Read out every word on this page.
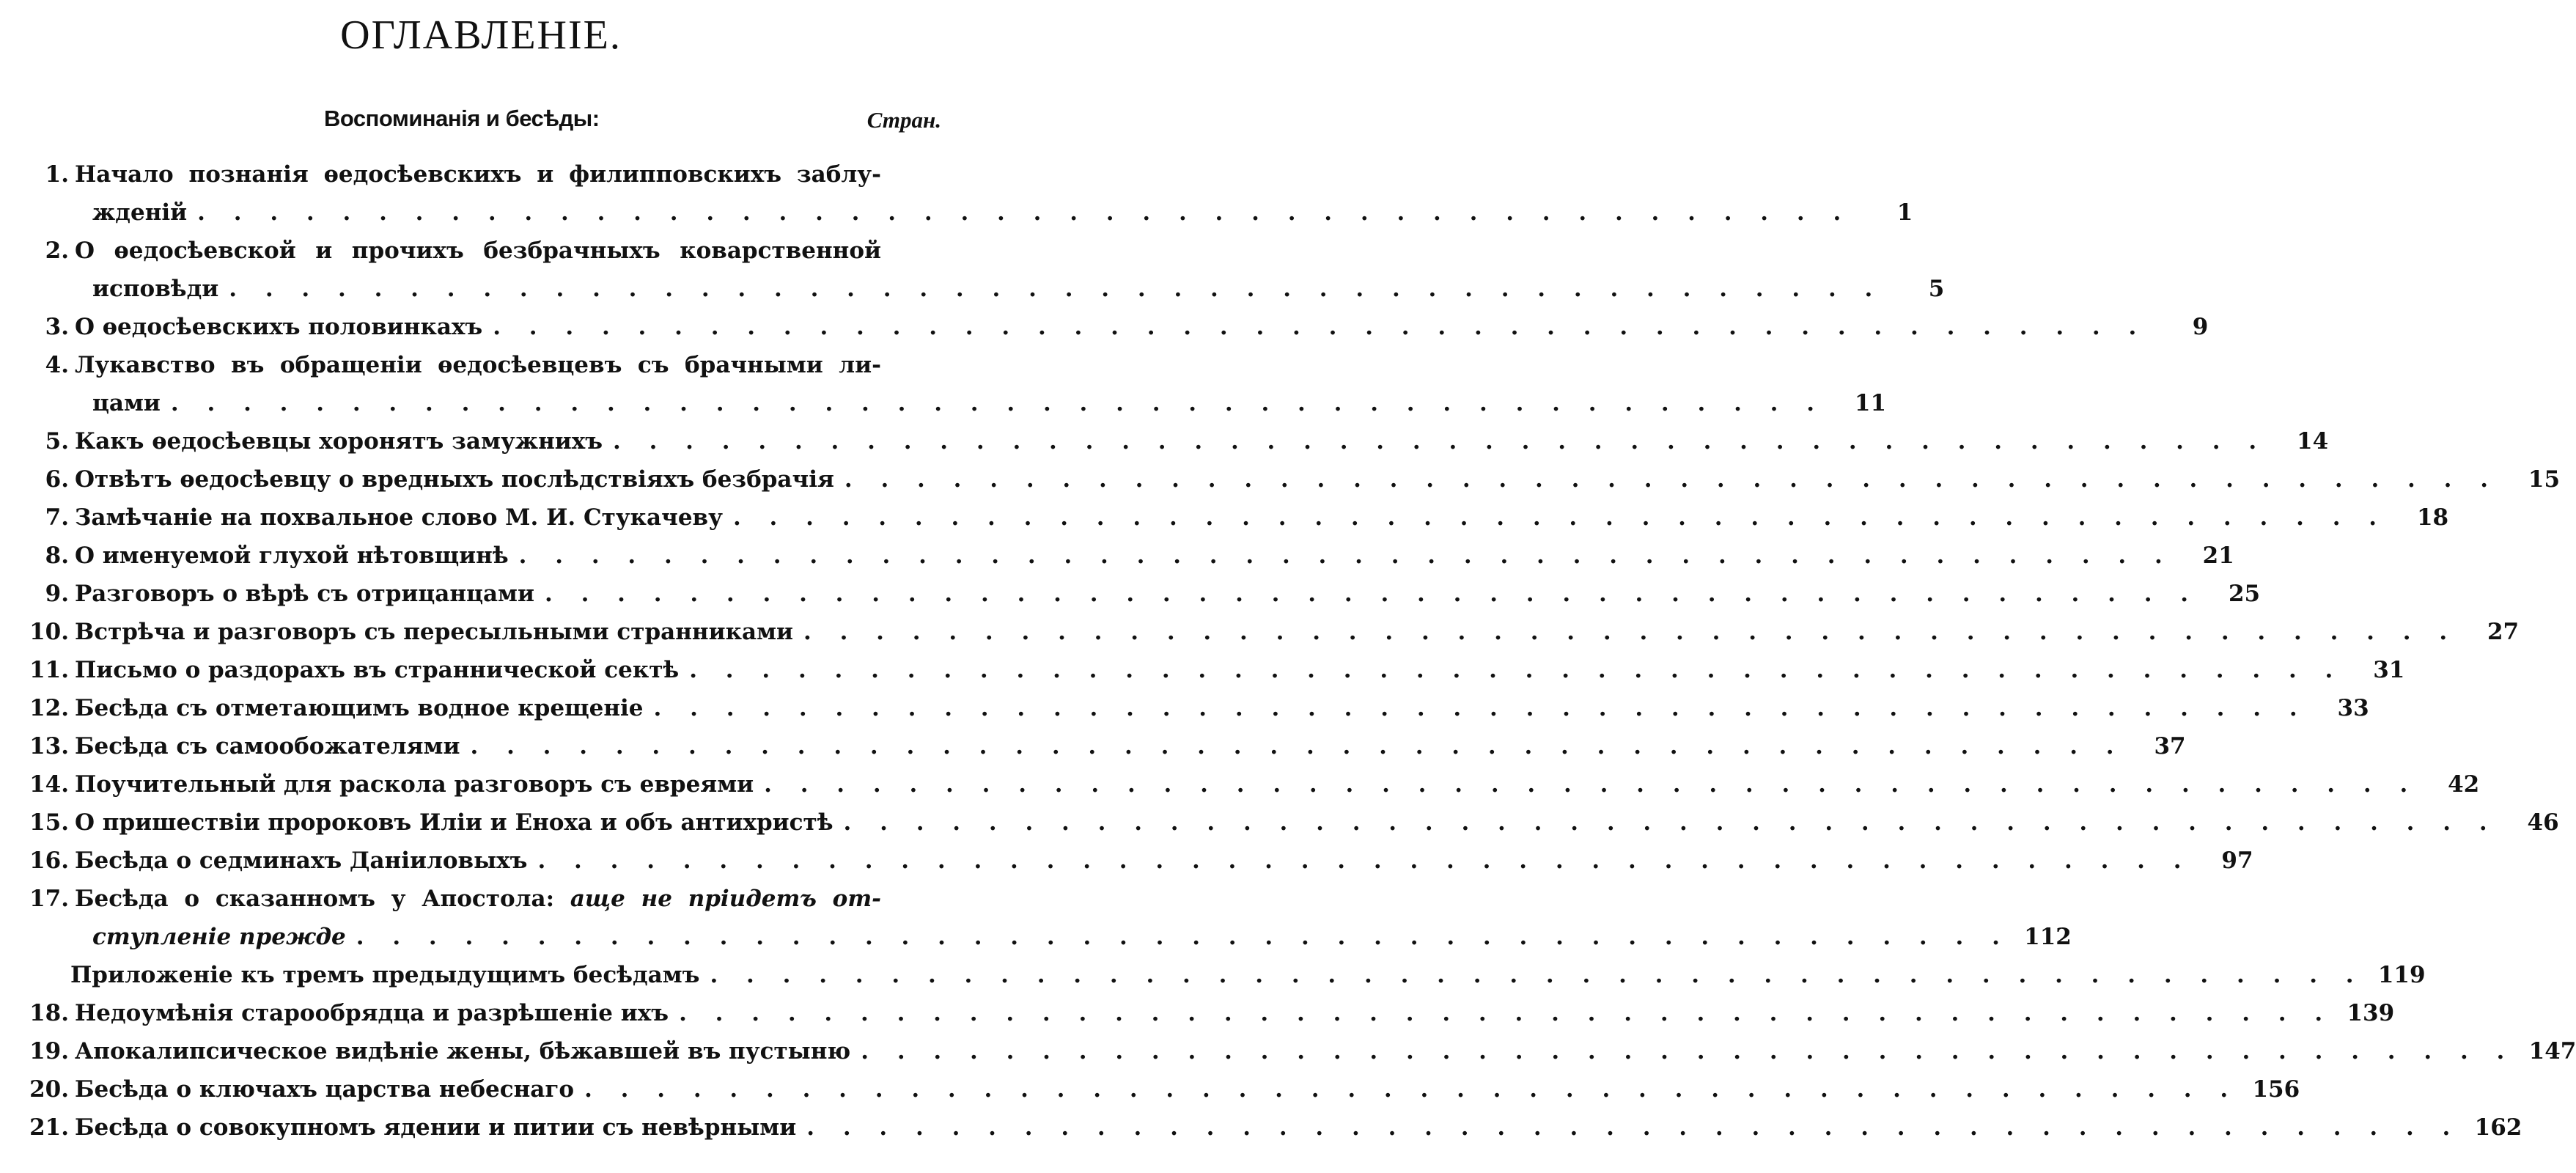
ОГЛАВЛЕНІЕ.
Воспоминанія и бесѣды:	Стран.
1. Начало познанія ѳедосѣевскихъ и филипповскихъ заблу-
жденій . . . . . . . . . . . . . . . . . . . . . . . . . . . . . . . . . . . . . . . . . . . . . .	1
2. О ѳедосѣевской и прочихъ безбрачныхъ коварственной
исповѣди . . . . . . . . . . . . . . . . . . . . . . . . . . . . . . . . . . . . . . . . . . . . . .	5
3. О ѳедосѣевскихъ половинкахъ . . . . . . . . . . . . . . . . . . . . . . . . . . . . . . . . . . . . . . . . . . . . . .	9
4. Лукавство въ обращеніи ѳедосѣевцевъ съ брачными ли-
цами . . . . . . . . . . . . . . . . . . . . . . . . . . . . . . . . . . . . . . . . . . . . . .	11
5. Какъ ѳедосѣевцы хоронятъ замужнихъ . . . . . . . . . . . . . . . . . . . . . . . . . . . . . . . . . . . . . . . . . . . . . .	14
6. Отвѣтъ ѳедосѣевцу о вредныхъ послѣдствіяхъ безбрачія . . . . . . . . . . . . . . . . . . . . . . . . . . . . . . . . . . . . . . . . . . . . . .	15
7. Замѣчаніе на похвальное слово М. И. Стукачеву . . . . . . . . . . . . . . . . . . . . . . . . . . . . . . . . . . . . . . . . . . . . . .	18
8. О именуемой глухой нѣтовщинѣ . . . . . . . . . . . . . . . . . . . . . . . . . . . . . . . . . . . . . . . . . . . . . .	21
9. Разговоръ о вѣрѣ съ отрицанцами . . . . . . . . . . . . . . . . . . . . . . . . . . . . . . . . . . . . . . . . . . . . . .	25
10. Встрѣча и разговоръ съ пересыльными странниками . . . . . . . . . . . . . . . . . . . . . . . . . . . . . . . . . . . . . . . . . . . . . .	27
11. Письмо о раздорахъ въ страннической сектѣ . . . . . . . . . . . . . . . . . . . . . . . . . . . . . . . . . . . . . . . . . . . . . .	31
12. Бесѣда съ отметающимъ водное крещеніе . . . . . . . . . . . . . . . . . . . . . . . . . . . . . . . . . . . . . . . . . . . . . .	33
13. Бесѣда съ самообожателями . . . . . . . . . . . . . . . . . . . . . . . . . . . . . . . . . . . . . . . . . . . . . .	37
14. Поучительный для раскола разговоръ съ евреями . . . . . . . . . . . . . . . . . . . . . . . . . . . . . . . . . . . . . . . . . . . . . .	42
15. О пришествіи пророковъ Иліи и Еноха и объ антихристѣ . . . . . . . . . . . . . . . . . . . . . . . . . . . . . . . . . . . . . . . . . . . . . .	46
16. Бесѣда о седминахъ Даніиловыхъ . . . . . . . . . . . . . . . . . . . . . . . . . . . . . . . . . . . . . . . . . . . . . .	97
17. Бесѣда о сказанномъ у Апостола: аще не пріидетъ от-
ступленіе прежде . . . . . . . . . . . . . . . . . . . . . . . . . . . . . . . . . . . . . . . . . . . . . . 112
Приложеніе къ тремъ предыдущимъ бесѣдамъ . . . . . . . . . . . . . . . . . . . . . . . . . . . . . . . . . . . . . . . . . . . . . . 119
18. Недоумѣнія старообрядца и разрѣшеніе ихъ . . . . . . . . . . . . . . . . . . . . . . . . . . . . . . . . . . . . . . . . . . . . . . 139
19. Апокалипсическое видѣніе жены, бѣжавшей въ пустыню . . . . . . . . . . . . . . . . . . . . . . . . . . . . . . . . . . . . . . . . . . . . . . 147
20. Бесѣда о ключахъ царства небеснаго . . . . . . . . . . . . . . . . . . . . . . . . . . . . . . . . . . . . . . . . . . . . . . 156
21. Бесѣда о совокупномъ ядении и питии съ невѣрными . . . . . . . . . . . . . . . . . . . . . . . . . . . . . . . . . . . . . . . . . . . . . . 162
